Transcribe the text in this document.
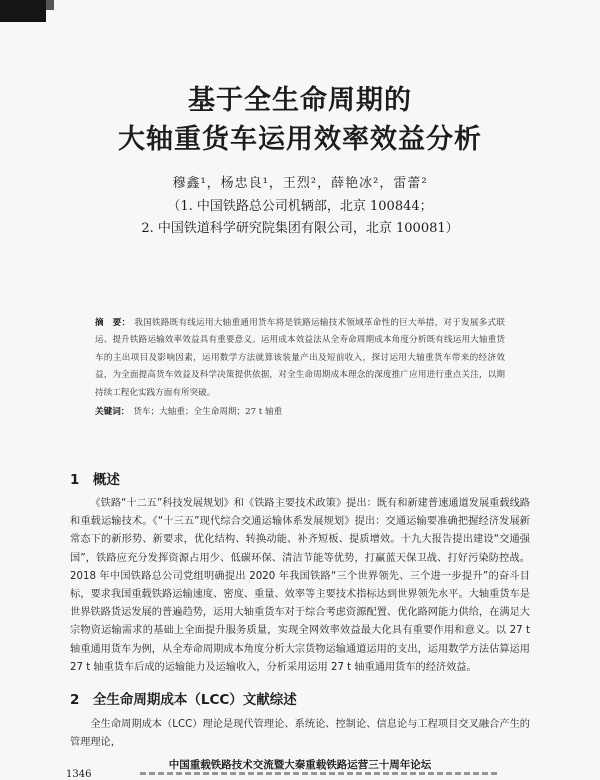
基于全生命周期的
大轴重货车运用效率效益分析
穆鑫¹，杨忠良¹，王烈²，薛艳冰²，雷蕾²
（1. 中国铁路总公司机辆部，北京 100844；
2. 中国铁道科学研究院集团有限公司，北京 100081）
摘　要： 我国铁路既有线运用大轴重通用货车将是铁路运输技术领域革命性的巨大举措，对于发展多式联运、提升铁路运输效率效益具有重要意义。运用成本效益法从全寿命周期成本角度分析既有线运用大轴重货车的主出项目及影响因素，运用数学方法就算该装量产出及短前收入，探讨运用大轴重货车带来的经济效益，为全面提高货车效益及科学决策提供依据，对全生命周期成本理念的深度推广应用进行重点关注，以期持续工程化实践方面有所突破。
关键词： 货车；大轴重；全生命周期；27 t 轴重
1　概述
《铁路“十二五”科技发展规划》和《铁路主要技术政策》提出：既有和新建普速通道发展重载线路和重载运输技术。《“十三五”现代综合交通运输体系发展规划》提出：交通运输要准确把握经济发展新常态下的新形势、新要求，优化结构、转换动能、补齐短板、提质增效。十九大报告提出建设“交通强国”，铁路应充分发挥资源占用少、低碳环保、清洁节能等优势，打赢蓝天保卫战、打好污染防控战。2018 年中国铁路总公司党组明确提出 2020 年我国铁路“三个世界领先、三个进一步提升”的奋斗目标，要求我国重载铁路运输速度、密度、重量、效率等主要技术指标达到世界领先水平。大轴重货车是世界铁路货运发展的普遍趋势，运用大轴重货车对于综合考虑资源配置、优化路网能力供给，在满足大宗物资运输需求的基础上全面提升服务质量，实现全网效率效益最大化具有重要作用和意义。以 27 t 轴重通用货车为例，从全寿命周期成本角度分析大宗货物运输通道运用的支出，运用数学方法估算运用 27 t 轴重货车后成的运输能力及运输收入，分析采用运用 27 t 轴重通用货车的经济效益。
2　全生命周期成本（LCC）文献综述
全生命周期成本（LCC）理论是现代管理论、系统论、控制论、信息论与工程项目交叉融合产生的管理理论，
中国重载铁路技术交流暨大秦重载铁路运营三十周年论坛
1346
